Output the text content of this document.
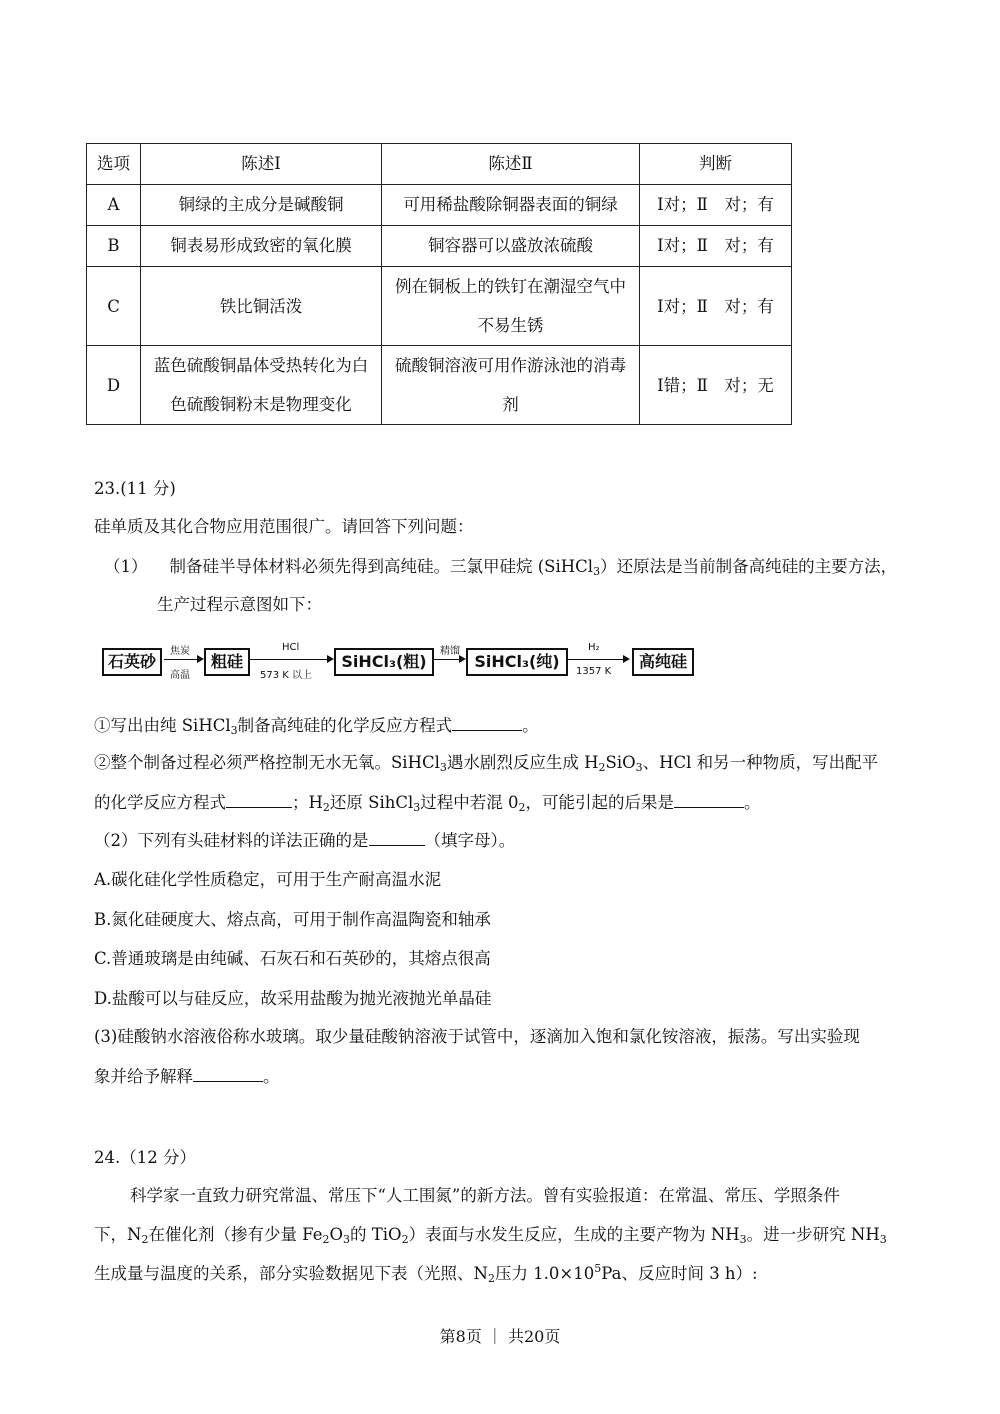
选项	陈述Ⅰ	陈述Ⅱ	判断
A	铜绿的主成分是碱酸铜	可用稀盐酸除铜器表面的铜绿	Ⅰ对；Ⅱ　对；有
B	铜表易形成致密的氧化膜	铜容器可以盛放浓硫酸	Ⅰ对；Ⅱ　对；有
C	铁比铜活泼	例在铜板上的铁钉在潮湿空气中不易生锈	Ⅰ对；Ⅱ　对；有
D	蓝色硫酸铜晶体受热转化为白色硫酸铜粉末是物理变化	硫酸铜溶液可用作游泳池的消毒剂	Ⅰ错；Ⅱ　对；无
23.(11 分)
硅单质及其化合物应用范围很广。请回答下列问题：
（1） 制备硅半导体材料必须先得到高纯硅。三氯甲硅烷 (SiHCl$_3$）还原法是当前制备高纯硅的主要方法，
生产过程示意图如下：
石英砂
焦炭
高温
粗硅
HCl
573 K 以上
SiHCl₃(粗)
精馏
SiHCl₃(纯)
H₂
1357 K
高纯硅
①写出由纯 SiHCl$_3$制备高纯硅的化学反应方程式	。
②整个制备过程必须严格控制无水无氧。SiHCl$_3$遇水剧烈反应生成 $H_2SiO_3$、HCl 和另一种物质，写出配平
的化学反应方程式	；$H_2$还原 SihCl$_3$过程中若混 $0_2$，可能引起的后果是	。
（2）下列有头硅材料的详法正确的是	（填字母）。
A.碳化硅化学性质稳定，可用于生产耐高温水泥
B.氮化硅硬度大、熔点高，可用于制作高温陶瓷和轴承
C.普通玻璃是由纯碱、石灰石和石英砂的，其熔点很高
D.盐酸可以与硅反应，故采用盐酸为抛光液抛光单晶硅
(3)硅酸钠水溶液俗称水玻璃。取少量硅酸钠溶液于试管中，逐滴加入饱和氯化铵溶液，振荡。写出实验现
象并给予解释	。
24.（12 分）
科学家一直致力研究常温、常压下“人工围氮”的新方法。曾有实验报道：在常温、常压、学照条件
下，$N_2$在催化剂（掺有少量 $Fe_2O_3$的 TiO$_2$）表面与水发生反应，生成的主要产物为 $NH_3$。进一步研究 $NH_3$
生成量与温度的关系，部分实验数据见下表（光照、$N_2$压力 $1.0\times 10^5Pa$、反应时间 3 h）:
第8页 ｜ 共20页
